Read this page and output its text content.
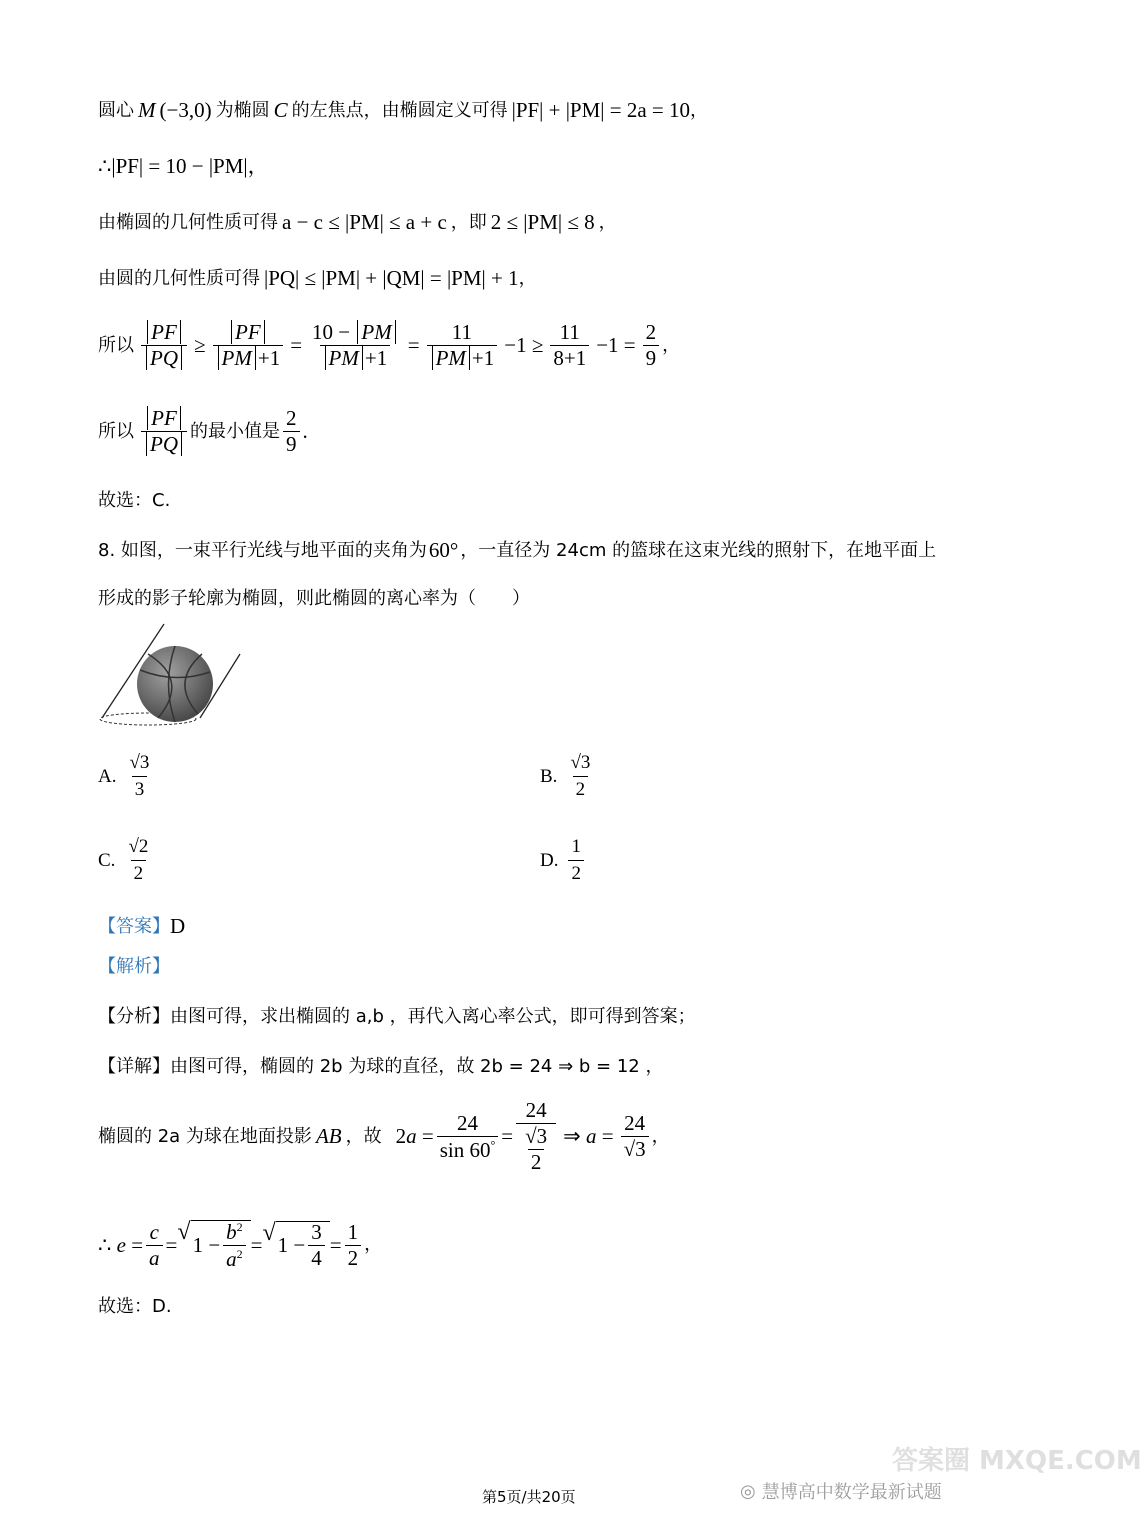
圆心 M (−3,0) 为椭圆 C 的左焦点，由椭圆定义可得 |PF| + |PM| = 2a = 10 ，
∴|PF| = 10 − |PM|，
由椭圆的几何性质可得 a − c ≤ |PM| ≤ a + c ，即 2 ≤ |PM| ≤ 8 ，
由圆的几何性质可得 |PQ| ≤ |PM| + |QM| = |PM| + 1 ，
所以 $\frac{PF}{PQ} \ge \frac{PF}{PM +1} = \frac{10 - PM}{PM +1} = \frac{11}{PM +1} -1 \ge \frac{11}{8+1} -1 = \frac{2}{9}$ ，
所以 $\frac{PF}{PQ}$ 的最小值是 $\frac{2}{9}$ .
故选：C.
8. 如图，一束平行光线与地平面的夹角为 60° ，一直径为 24cm 的篮球在这束光线的照射下，在地平面上
形成的影子轮廓为椭圆，则此椭圆的离心率为（　　）
A. $\frac{√3}{3}$	B. $\frac{√3}{2}$
C. $\frac{√2}{2}$	D. $\frac{1}{2}$
【答案】 D
【解析】
【分析】 由图可得，求出椭圆的 a,b ，再代入离心率公式，即可得到答案；
【详解】 由图可得，椭圆的 2b 为球的直径，故 2b = 24 ⇒ b = 12 ，
椭圆的 2a 为球在地面投影 AB ，故 $2a = \frac{24}{\sin 60^\circ} = \frac{24}{\frac{√3}{2}}$ ⇒ $a = \frac{24}{√3}$ ，
∴ $e = \frac{c}{a}$ = √ $1 - \frac{b^2}{a^2}$ = √ $1 - \frac{3}{4} = \frac{1}{2}$ ，
故选：D.
第5页/共20页	◎ 慧博高中数学最新试题
答案圈 MXQE.COM
